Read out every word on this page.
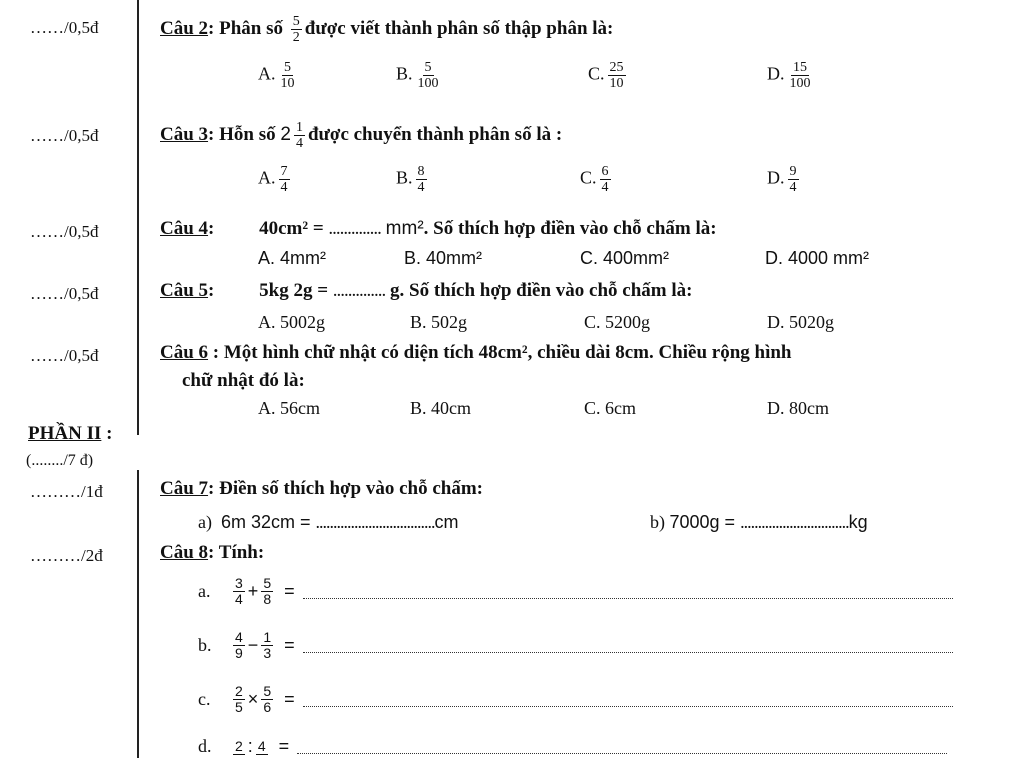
……/0,5đ	Câu 2: Phân số $\frac{5}{2}$ được viết thành phân số thập phân là:
A. $\frac{5}{10}$	B. $\frac{5}{100}$	C. $\frac{25}{10}$	D. $\frac{15}{100}$
……/0,5đ	Câu 3: Hỗn số $2 \frac{1}{4}$ được chuyển thành phân số là :
A. $\frac{7}{4}$	B. $\frac{8}{4}$	C. $\frac{6}{4}$	D. $\frac{9}{4}$
……/0,5đ	Câu 4: 40cm² = .............. mm². Số thích hợp điền vào chỗ chấm là:
A. 4mm²	B. 40mm²	C. 400mm²	D. 4000 mm²
……/0,5đ	Câu 5: 5kg 2g = .............. g. Số thích hợp điền vào chỗ chấm là:
A. 5002g	B. 502g	C. 5200g	D. 5020g
……/0,5đ	Câu 6 : Một hình chữ nhật có diện tích 48cm², chiều dài 8cm. Chiều rộng hình
chữ nhật đó là:
A. 56cm	B. 40cm	C. 6cm	D. 80cm
PHẦN II :
(......../7 đ)
………/1đ	Câu 7: Điền số thích hợp vào chỗ chấm:
a) 6m 32cm = ..................................cm	b) 7000g = ...............................kg
………/2đ	Câu 8: Tính:
a.	$\frac{3}{4} + \frac{5}{8}$ =
b.	$\frac{4}{9} - \frac{1}{3}$ =
c.	$\frac{2}{5} \times \frac{5}{6}$ =
d.	2 : 4 =
